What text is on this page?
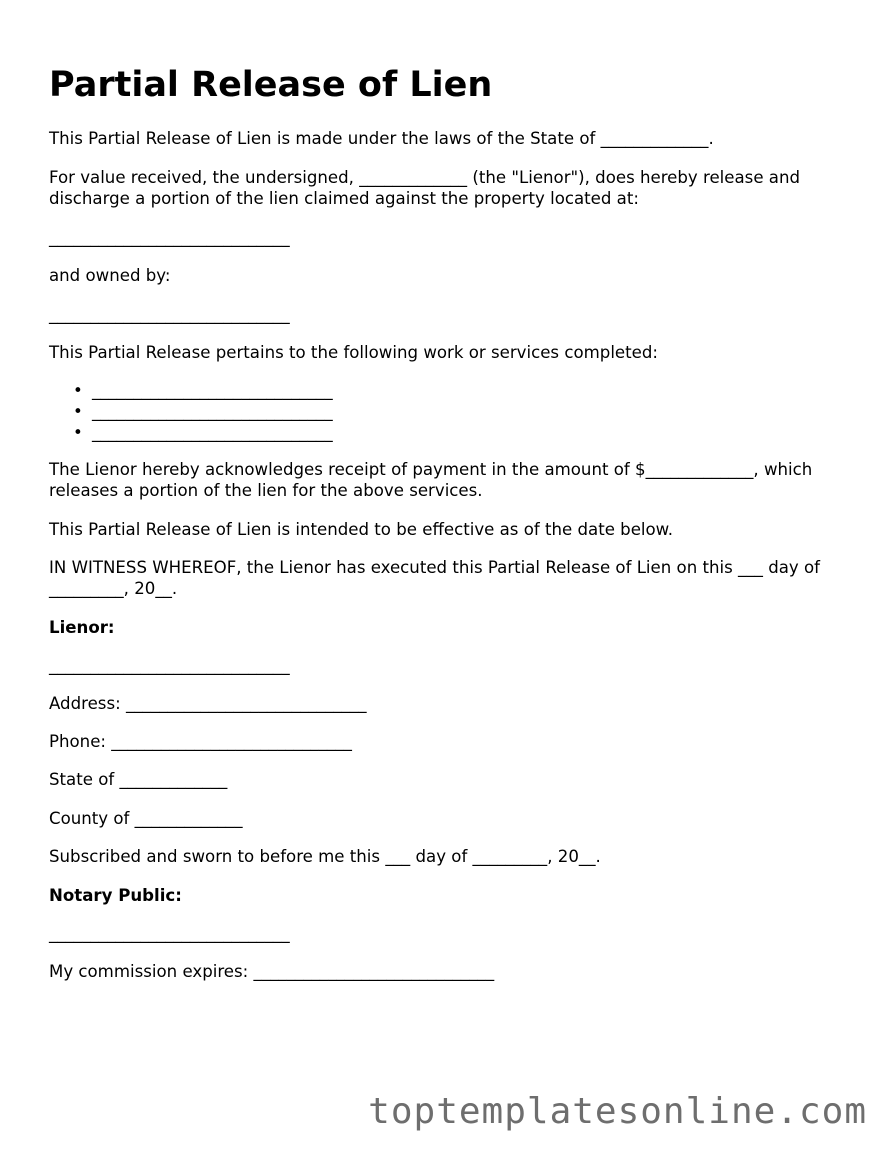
Partial Release of Lien

This Partial Release of Lien is made under the laws of the State of _____________.

For value received, the undersigned, _____________ (the "Lienor"), does hereby release and discharge a portion of the lien claimed against the property located at:

_____________________________

and owned by:

_____________________________

This Partial Release pertains to the following work or services completed:

• _____________________________
• _____________________________
• _____________________________

The Lienor hereby acknowledges receipt of payment in the amount of $_____________, which releases a portion of the lien for the above services.

This Partial Release of Lien is intended to be effective as of the date below.

IN WITNESS WHEREOF, the Lienor has executed this Partial Release of Lien on this ___ day of _________, 20__.

Lienor:

_____________________________

Address: _____________________________

Phone: _____________________________

State of _____________

County of _____________

Subscribed and sworn to before me this ___ day of _________, 20__.

Notary Public:

_____________________________

My commission expires: _____________________________

toptemplatesonline.com
